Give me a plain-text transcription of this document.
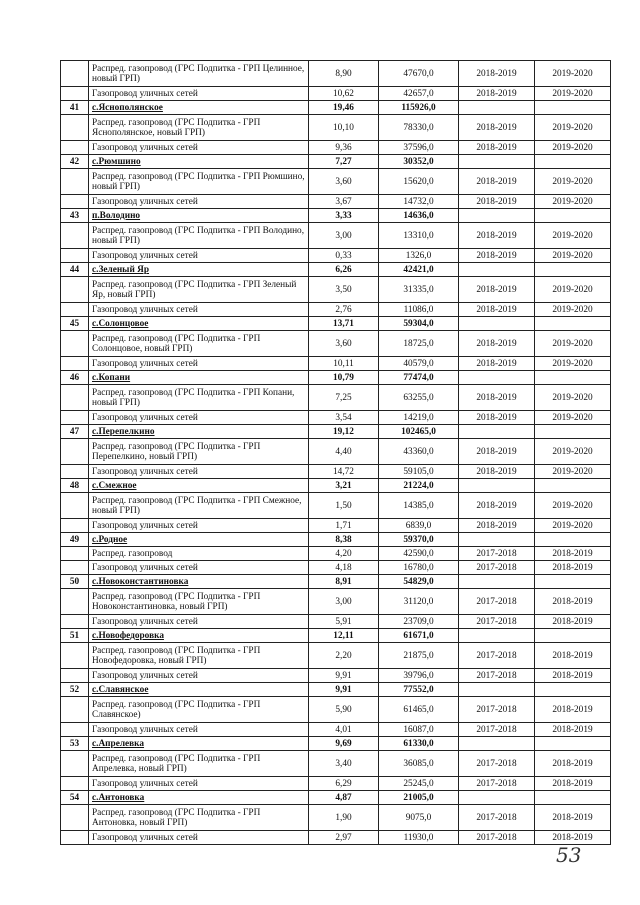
	Распред. газопровод (ГРС Подпитка - ГРП Целинное, новый ГРП)	8,90	47670,0	2018-2019	2019-2020
	Газопровод уличных сетей	10,62	42657,0	2018-2019	2019-2020
41	с.Яснополянское	19,46	115926,0		
	Распред. газопровод (ГРС Подпитка - ГРП Яснополянское, новый ГРП)	10,10	78330,0	2018-2019	2019-2020
	Газопровод уличных сетей	9,36	37596,0	2018-2019	2019-2020
42	с.Рюмшино	7,27	30352,0		
	Распред. газопровод (ГРС Подпитка - ГРП Рюмшино, новый ГРП)	3,60	15620,0	2018-2019	2019-2020
	Газопровод уличных сетей	3,67	14732,0	2018-2019	2019-2020
43	п.Володино	3,33	14636,0		
	Распред. газопровод (ГРС Подпитка - ГРП Володино, новый ГРП)	3,00	13310,0	2018-2019	2019-2020
	Газопровод уличных сетей	0,33	1326,0	2018-2019	2019-2020
44	с.Зеленый Яр	6,26	42421,0		
	Распред. газопровод (ГРС Подпитка - ГРП Зеленый Яр, новый ГРП)	3,50	31335,0	2018-2019	2019-2020
	Газопровод уличных сетей	2,76	11086,0	2018-2019	2019-2020
45	с.Солонцовое	13,71	59304,0		
	Распред. газопровод (ГРС Подпитка - ГРП Солонцовое, новый ГРП)	3,60	18725,0	2018-2019	2019-2020
	Газопровод уличных сетей	10,11	40579,0	2018-2019	2019-2020
46	с.Копани	10,79	77474,0		
	Распред. газопровод (ГРС Подпитка - ГРП Копани, новый ГРП)	7,25	63255,0	2018-2019	2019-2020
	Газопровод уличных сетей	3,54	14219,0	2018-2019	2019-2020
47	с.Перепелкино	19,12	102465,0		
	Распред. газопровод (ГРС Подпитка - ГРП Перепелкино, новый ГРП)	4,40	43360,0	2018-2019	2019-2020
	Газопровод уличных сетей	14,72	59105,0	2018-2019	2019-2020
48	с.Смежное	3,21	21224,0		
	Распред. газопровод (ГРС Подпитка - ГРП Смежное, новый ГРП)	1,50	14385,0	2018-2019	2019-2020
	Газопровод уличных сетей	1,71	6839,0	2018-2019	2019-2020
49	с.Родное	8,38	59370,0		
	Распред. газопровод	4,20	42590,0	2017-2018	2018-2019
	Газопровод уличных сетей	4,18	16780,0	2017-2018	2018-2019
50	с.Новоконстантиновка	8,91	54829,0		
	Распред. газопровод (ГРС Подпитка - ГРП Новоконстантиновка, новый ГРП)	3,00	31120,0	2017-2018	2018-2019
	Газопровод уличных сетей	5,91	23709,0	2017-2018	2018-2019
51	с.Новофедоровка	12,11	61671,0		
	Распред. газопровод (ГРС Подпитка - ГРП Новофедоровка, новый ГРП)	2,20	21875,0	2017-2018	2018-2019
	Газопровод уличных сетей	9,91	39796,0	2017-2018	2018-2019
52	с.Славянское	9,91	77552,0		
	Распред. газопровод (ГРС Подпитка - ГРП Славянское)	5,90	61465,0	2017-2018	2018-2019
	Газопровод уличных сетей	4,01	16087,0	2017-2018	2018-2019
53	с.Апрелевка	9,69	61330,0		
	Распред. газопровод (ГРС Подпитка - ГРП Апрелевка, новый ГРП)	3,40	36085,0	2017-2018	2018-2019
	Газопровод уличных сетей	6,29	25245,0	2017-2018	2018-2019
54	с.Антоновка	4,87	21005,0		
	Распред. газопровод (ГРС Подпитка - ГРП Антоновка, новый ГРП)	1,90	9075,0	2017-2018	2018-2019
	Газопровод уличных сетей	2,97	11930,0	2017-2018	2018-2019
53
